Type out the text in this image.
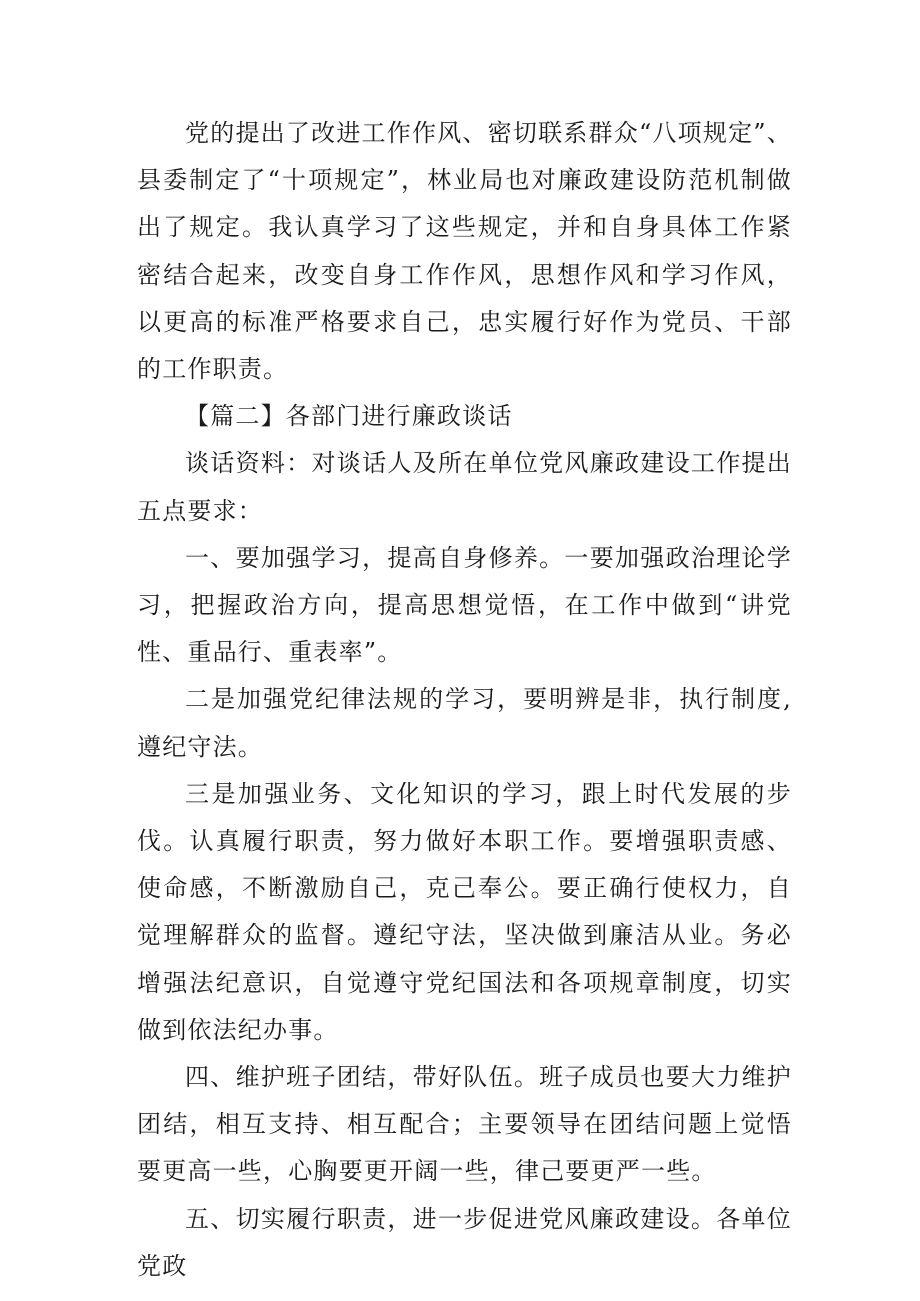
党的提出了改进工作作风、密切联系群众“八项规定”、县委制定了“十项规定”，林业局也对廉政建设防范机制做出了规定。我认真学习了这些规定，并和自身具体工作紧密结合起来，改变自身工作作风，思想作风和学习作风，以更高的标准严格要求自己，忠实履行好作为党员、干部的工作职责。

【篇二】各部门进行廉政谈话

谈话资料：对谈话人及所在单位党风廉政建设工作提出五点要求：

一、要加强学习，提高自身修养。一要加强政治理论学习，把握政治方向，提高思想觉悟，在工作中做到“讲党性、重品行、重表率”。

二是加强党纪律法规的学习，要明辨是非，执行制度,遵纪守法。

三是加强业务、文化知识的学习，跟上时代发展的步伐。认真履行职责，努力做好本职工作。要增强职责感、使命感，不断激励自己，克己奉公。要正确行使权力，自觉理解群众的监督。遵纪守法，坚决做到廉洁从业。务必增强法纪意识，自觉遵守党纪国法和各项规章制度，切实做到依法纪办事。

四、维护班子团结，带好队伍。班子成员也要大力维护团结，相互支持、相互配合；主要领导在团结问题上觉悟要更高一些，心胸要更开阔一些，律己要更严一些。

五、切实履行职责，进一步促进党风廉政建设。各单位党政
